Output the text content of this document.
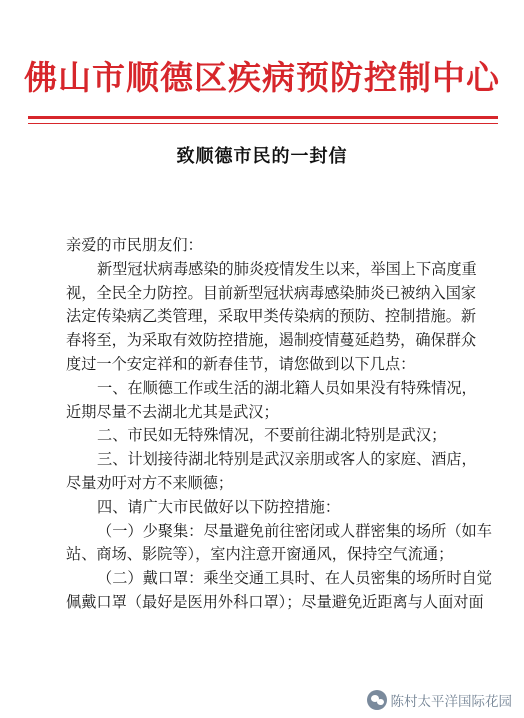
佛山市顺德区疾病预防控制中心
致顺德市民的一封信
亲爱的市民朋友们：
新型冠状病毒感染的肺炎疫情发生以来，举国上下高度重
视，全民全力防控。目前新型冠状病毒感染肺炎已被纳入国家
法定传染病乙类管理，采取甲类传染病的预防、控制措施。新
春将至，为采取有效防控措施，遏制疫情蔓延趋势，确保群众
度过一个安定祥和的新春佳节，请您做到以下几点：
一、在顺德工作或生活的湖北籍人员如果没有特殊情况，
近期尽量不去湖北尤其是武汉；
二、市民如无特殊情况，不要前往湖北特别是武汉；
三、计划接待湖北特别是武汉亲朋或客人的家庭、酒店，
尽量劝吁对方不来顺德；
四、请广大市民做好以下防控措施：
（一）少聚集：尽量避免前往密闭或人群密集的场所（如车
站、商场、影院等），室内注意开窗通风，保持空气流通；
（二）戴口罩：乘坐交通工具时、在人员密集的场所时自觉
佩戴口罩（最好是医用外科口罩）；尽量避免近距离与人面对面
陈村太平洋国际花园
